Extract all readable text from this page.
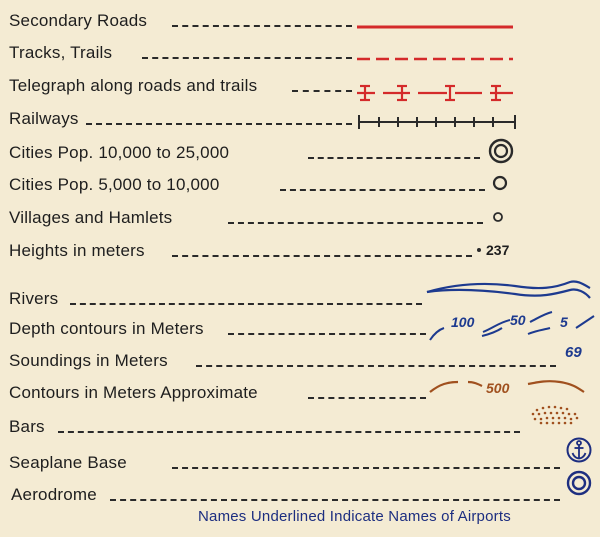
Secondary Roads
Tracks, Trails
Telegraph along roads and trails
Railways
Cities Pop. 10,000 to 25,000
Cities Pop. 5,000 to 10,000
Villages and Hamlets
Heights in meters	237
Rivers
Depth contours in Meters	100	50 5
Soundings in Meters	69
Contours in Meters Approximate	500
Bars
Seaplane Base
Aerodrome
Names Underlined Indicate Names of Airports
